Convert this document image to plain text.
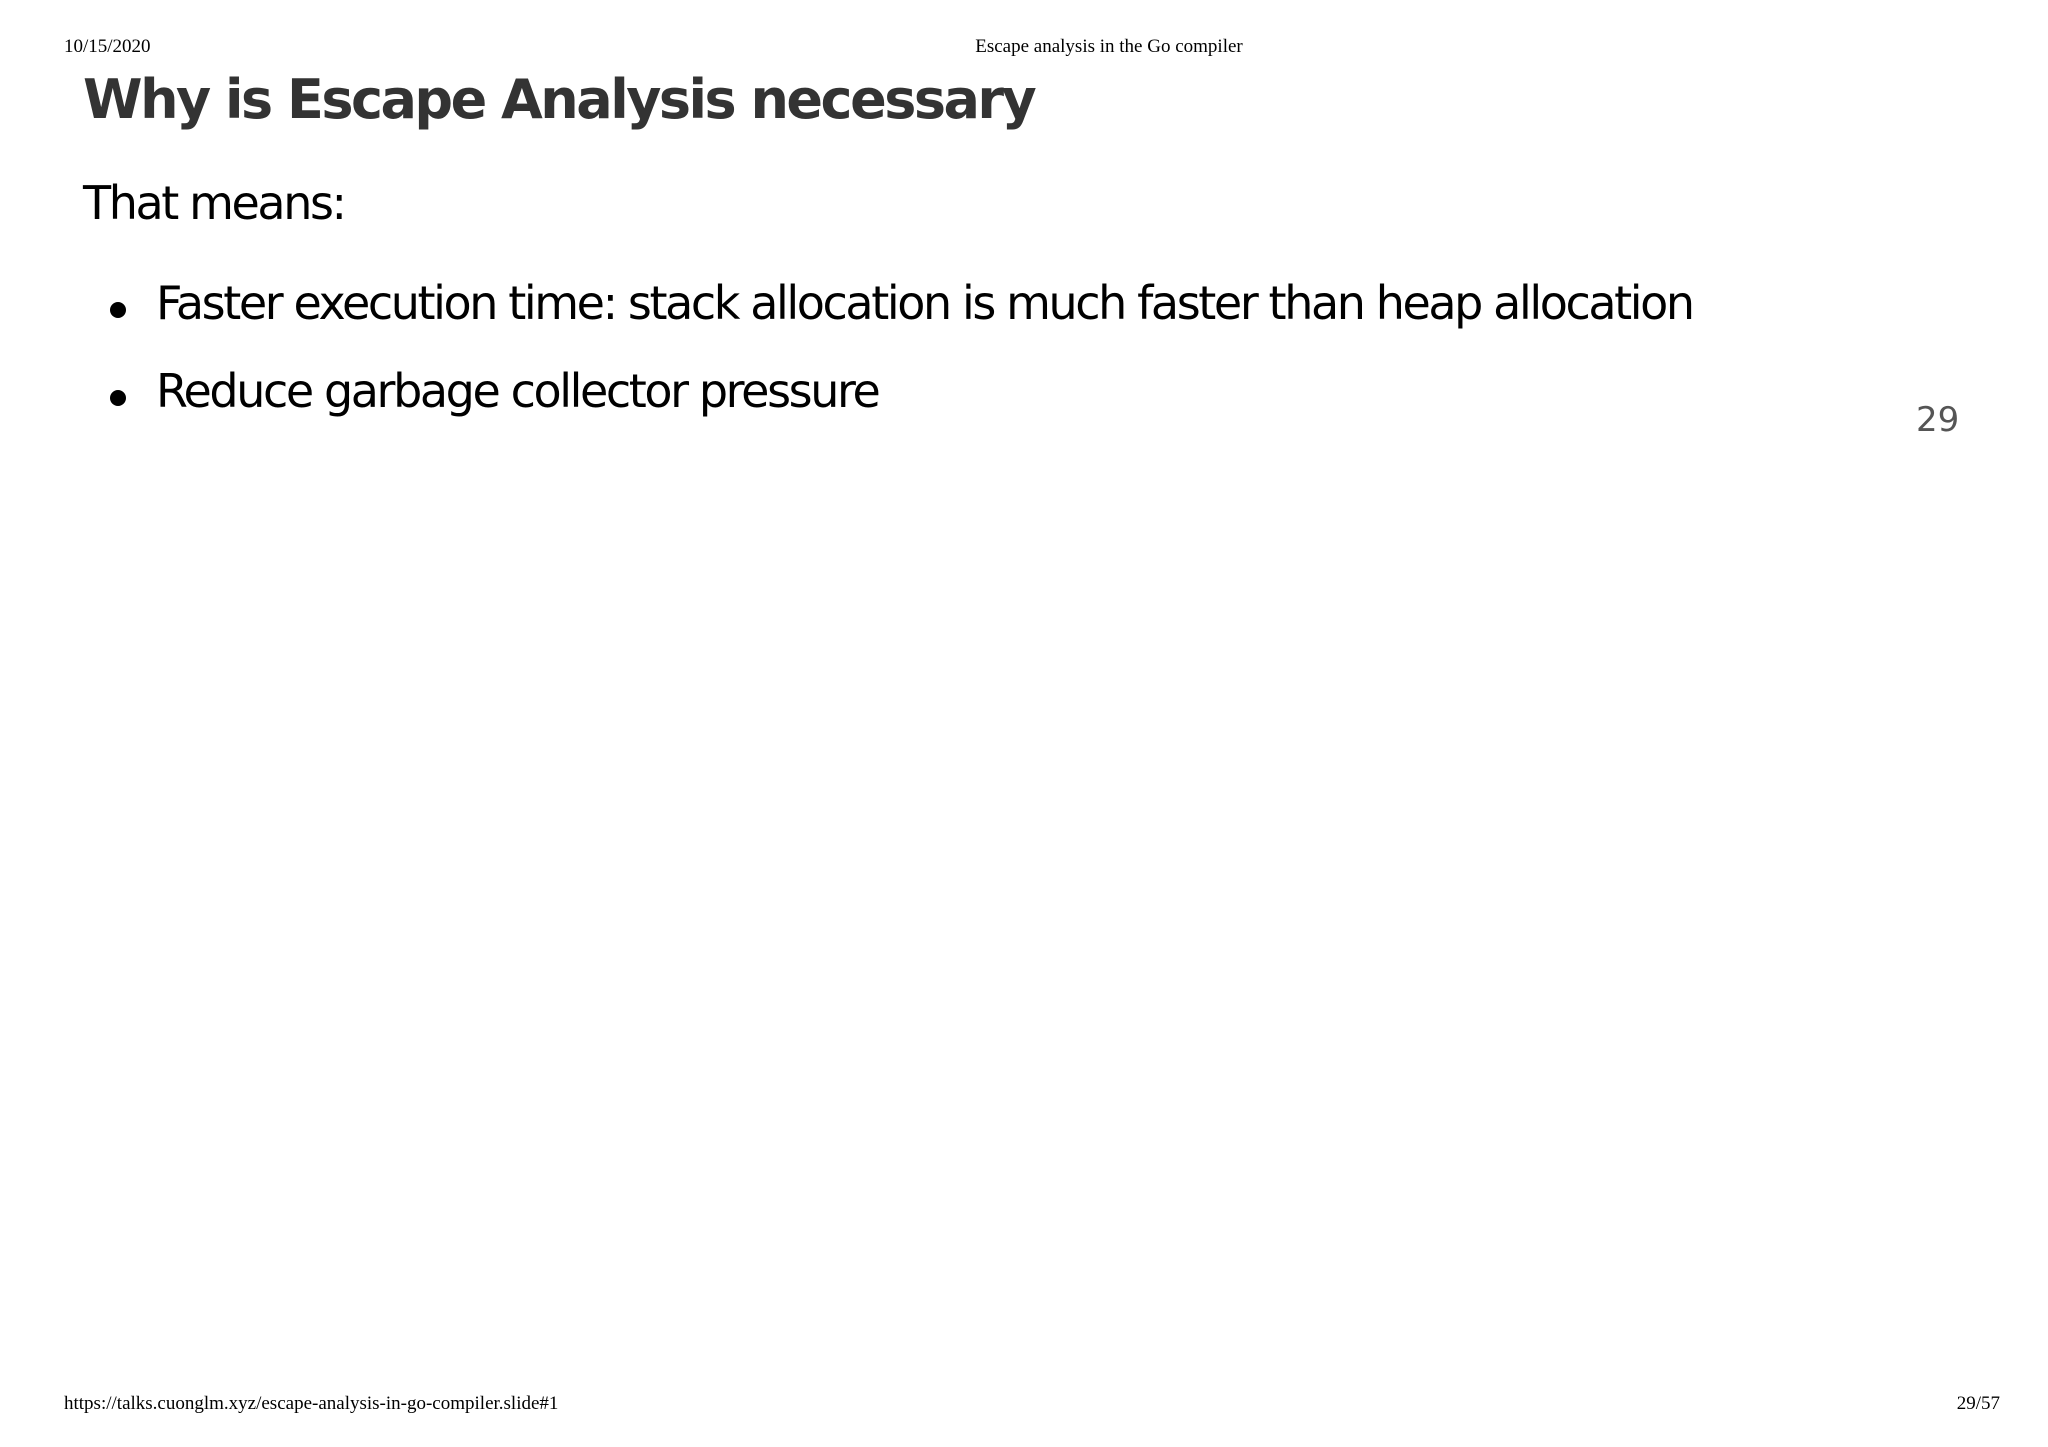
10/15/2020	Escape analysis in the Go compiler
Why is Escape Analysis necessary

That means:

Faster execution time: stack allocation is much faster than heap allocation
Reduce garbage collector pressure
29
https://talks.cuonglm.xyz/escape-analysis-in-go-compiler.slide#1	29/57
